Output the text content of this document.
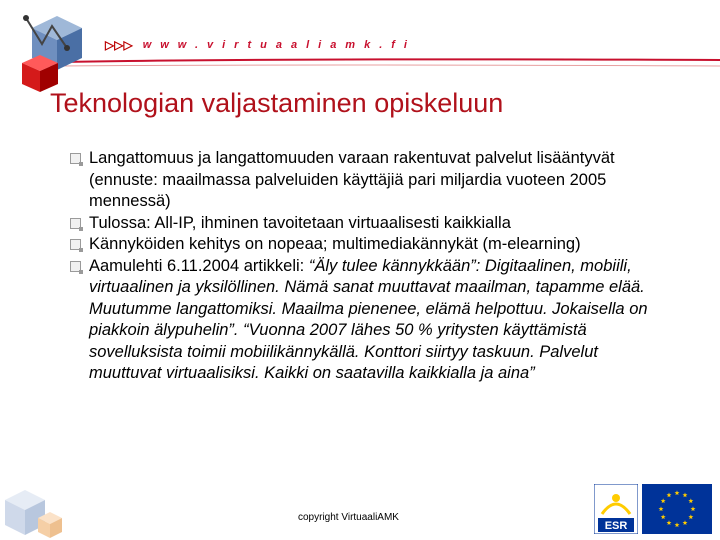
▷▷▷ www.virtuaaliamk.fi
Teknologian valjastaminen opiskeluun
Langattomuus ja langattomuuden varaan rakentuvat palvelut lisääntyvät (ennuste: maailmassa palveluiden käyttäjiä pari miljardia vuoteen 2005 mennessä)
Tulossa: All-IP, ihminen tavoitetaan virtuaalisesti kaikkialla
Kännyköiden kehitys on nopeaa; multimediakännykät (m-elearning)
Aamulehti 6.11.2004 artikkeli: “Äly tulee kännykkään”: Digitaalinen, mobiili, virtuaalinen ja yksilöllinen. Nämä sanat muuttavat maailman, tapamme elää. Muutumme langattomiksi. Maailma pienenee, elämä helpottuu. Jokaisella on piakkoin älypuhelin”. “Vuonna 2007 lähes 50 % yritysten käyttämistä sovelluksista toimii mobiilikännykällä. Konttori siirtyy taskuun. Palvelut muuttuvat virtuaalisiksi. Kaikki on saatavilla kaikkialla ja aina”
copyright VirtuaaliAMK
ESR
